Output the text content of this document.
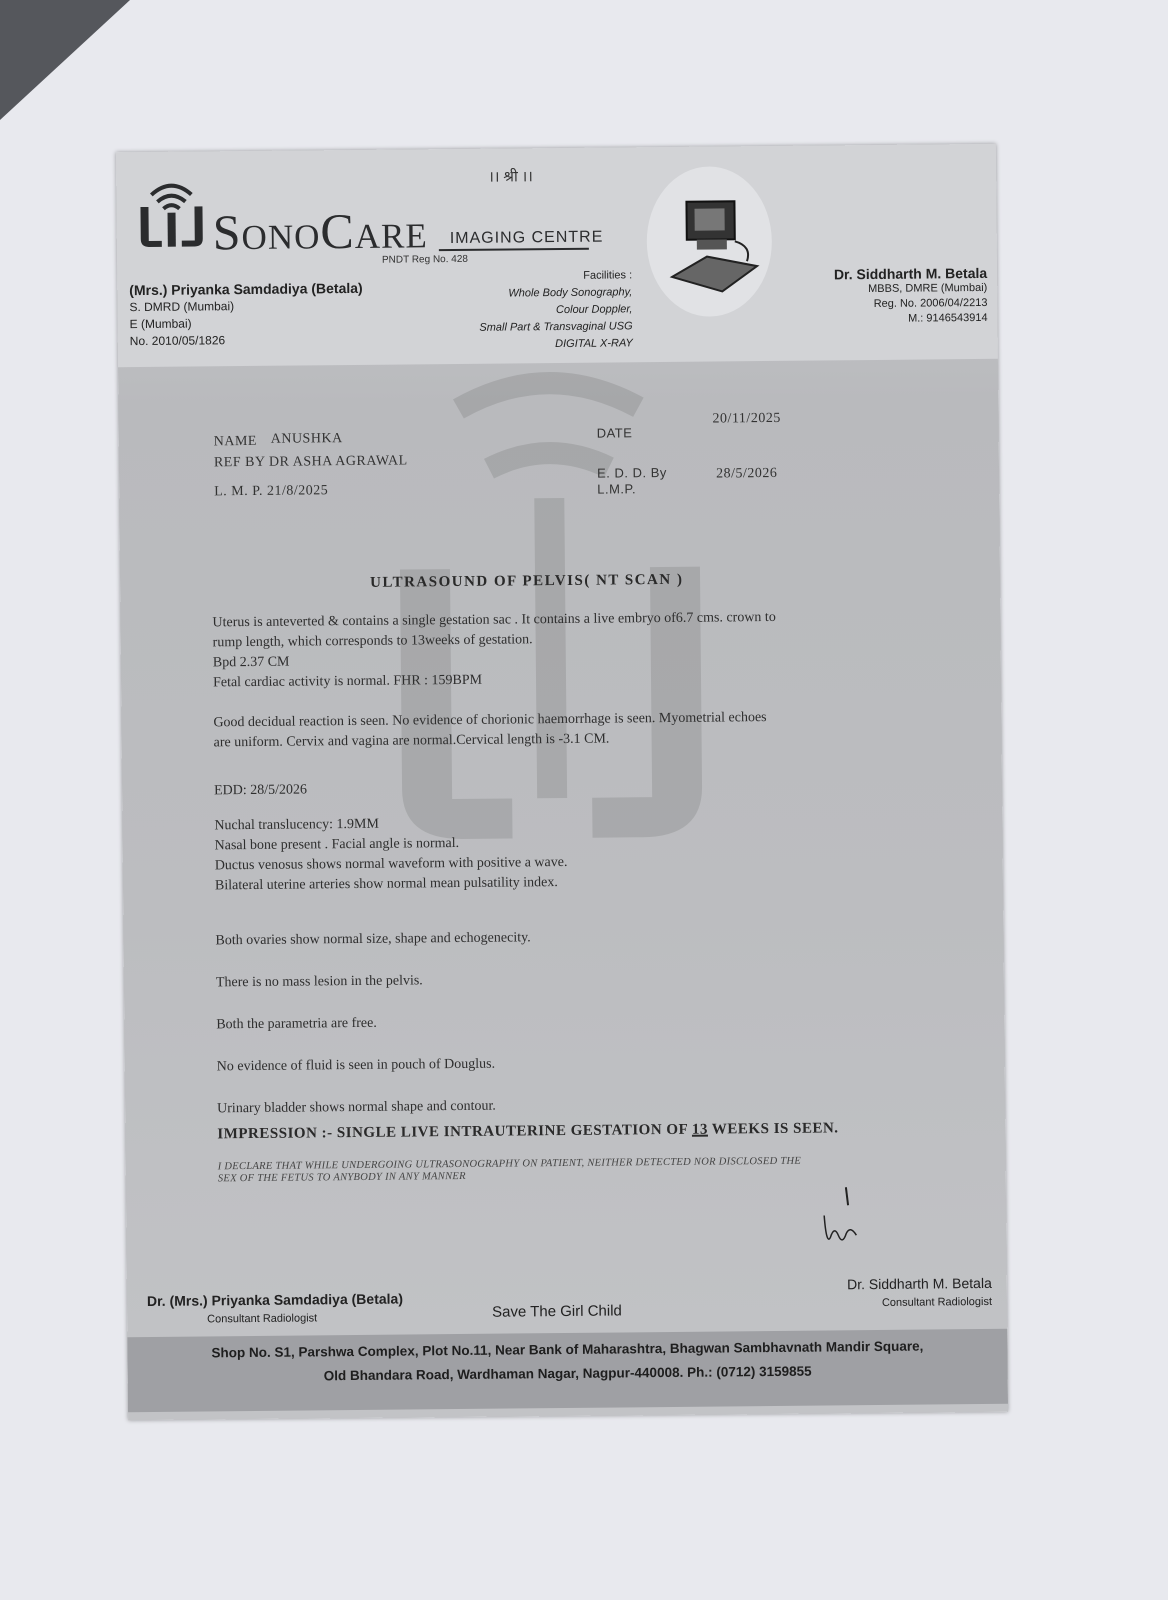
।। श्री ।।
SonoCare IMAGING CENTRE
PNDT Reg No. 428
(Mrs.) Priyanka Samdadiya (Betala)
S. DMRD (Mumbai)
E (Mumbai)
No. 2010/05/1826
Facilities :
Whole Body Sonography,
Colour Doppler,
Small Part & Transvaginal USG
DIGITAL X-RAY
Dr. Siddharth M. Betala
MBBS, DMRE (Mumbai)
Reg. No. 2006/04/2213
M.: 9146543914
NAME ANUSHKA
REF BY DR ASHA AGRAWAL
L. M. P. 21/8/2025
DATE
20/11/2025
E. D. D. By
L.M.P.
28/5/2026
ULTRASOUND OF PELVIS( NT SCAN )
Uterus is anteverted & contains a single gestation sac . It contains a live embryo of6.7 cms. crown to
rump length, which corresponds to 13weeks of gestation.
Bpd 2.37 CM
Fetal cardiac activity is normal. FHR : 159BPM
Good decidual reaction is seen. No evidence of chorionic haemorrhage is seen. Myometrial echoes
are uniform. Cervix and vagina are normal.Cervical length is -3.1 CM.
EDD: 28/5/2026
Nuchal translucency: 1.9MM
Nasal bone present . Facial angle is normal.
Ductus venosus shows normal waveform with positive a wave.
Bilateral uterine arteries show normal mean pulsatility index.
Both ovaries show normal size, shape and echogenecity.
There is no mass lesion in the pelvis.
Both the parametria are free.
No evidence of fluid is seen in pouch of Douglus.
Urinary bladder shows normal shape and contour.
IMPRESSION :- SINGLE LIVE INTRAUTERINE GESTATION OF 13 WEEKS IS SEEN.
I DECLARE THAT WHILE UNDERGOING ULTRASONOGRAPHY ON PATIENT, NEITHER DETECTED NOR DISCLOSED THE
SEX OF THE FETUS TO ANYBODY IN ANY MANNER
Dr. (Mrs.) Priyanka Samdadiya (Betala)
Consultant Radiologist	Save The Girl Child
Dr. Siddharth M. Betala
Consultant Radiologist
Shop No. S1, Parshwa Complex, Plot No.11, Near Bank of Maharashtra, Bhagwan Sambhavnath Mandir Square,
Old Bhandara Road, Wardhaman Nagar, Nagpur-440008. Ph.: (0712) 3159855
